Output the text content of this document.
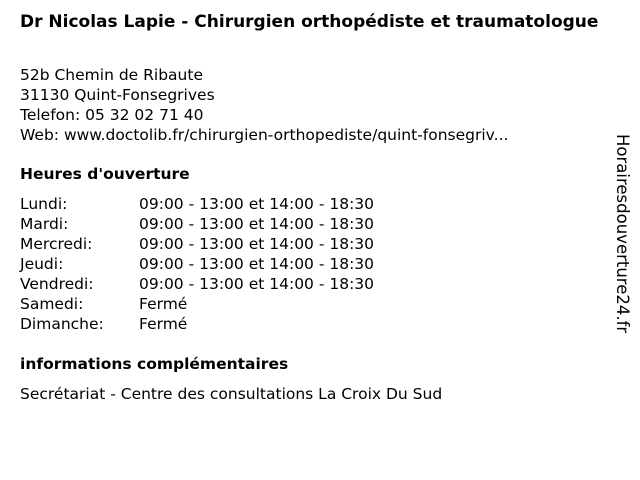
Dr Nicolas Lapie - Chirurgien orthopédiste et traumatologue
52b Chemin de Ribaute
31130 Quint-Fonsegrives
Telefon: 05 32 02 71 40
Web: www.doctolib.fr/chirurgien-orthopediste/quint-fonsegriv...
Heures d'ouverture
Lundi:	09:00 - 13:00 et 14:00 - 18:30
Mardi:	09:00 - 13:00 et 14:00 - 18:30
Mercredi:	09:00 - 13:00 et 14:00 - 18:30
Jeudi:	09:00 - 13:00 et 14:00 - 18:30
Vendredi:	09:00 - 13:00 et 14:00 - 18:30
Samedi:	Fermé
Dimanche:	Fermé
informations complémentaires
Secrétariat - Centre des consultations La Croix Du Sud
Horairesdouverture24.fr
